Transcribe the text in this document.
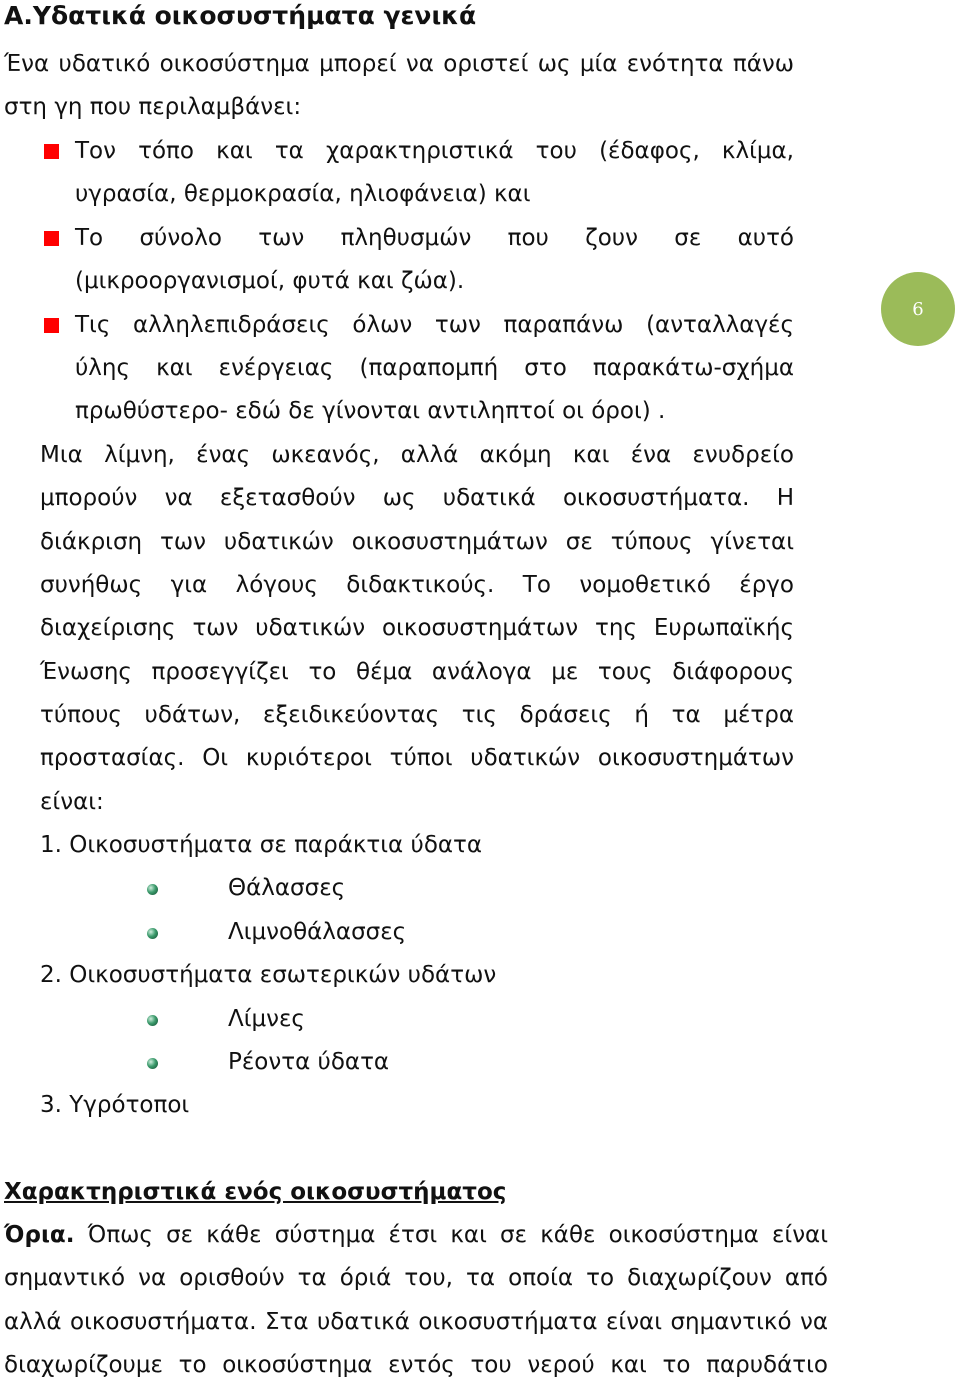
Α.Υδατικά οικοσυστήματα γενικά
6
Ένα υδατικό οικοσύστημα μπορεί να οριστεί ως μία ενότητα πάνω
στη γη που περιλαμβάνει:
Τον τόπο και τα χαρακτηριστικά του (έδαφος, κλίμα,
υγρασία, θερμοκρασία, ηλιοφάνεια) και
Το σύνολο των πληθυσμών που ζουν σε αυτό
(μικροοργανισμοί, φυτά και ζώα).
Τις αλληλεπιδράσεις όλων των παραπάνω (ανταλλαγές
ύλης και ενέργειας (παραπομπή στο παρακάτω-σχήμα
πρωθύστερο- εδώ δε γίνονται αντιληπτοί οι όροι) .
Μια λίμνη, ένας ωκεανός, αλλά ακόμη και ένα ενυδρείο
μπορούν να εξετασθούν ως υδατικά οικοσυστήματα. Η
διάκριση των υδατικών οικοσυστημάτων σε τύπους γίνεται
συνήθως για λόγους διδακτικούς. Το νομοθετικό έργο
διαχείρισης των υδατικών οικοσυστημάτων της Ευρωπαϊκής
Ένωσης προσεγγίζει το θέμα ανάλογα με τους διάφορους
τύπους υδάτων, εξειδικεύοντας τις δράσεις ή τα μέτρα
προστασίας. Οι κυριότεροι τύποι υδατικών οικοσυστημάτων
είναι:
1. Οικοσυστήματα σε παράκτια ύδατα
Θάλασσες
Λιμνοθάλασσες
2. Οικοσυστήματα εσωτερικών υδάτων
Λίμνες
Ρέοντα ύδατα
3. Υγρότοποι
Χαρακτηριστικά ενός οικοσυστήματος
Όρια. Όπως σε κάθε σύστημα έτσι και σε κάθε οικοσύστημα είναι
σημαντικό να ορισθούν τα όριά του, τα οποία το διαχωρίζουν από
αλλά οικοσυστήματα. Στα υδατικά οικοσυστήματα είναι σημαντικό να
διαχωρίζουμε το οικοσύστημα εντός του νερού και το παρυδάτιο
